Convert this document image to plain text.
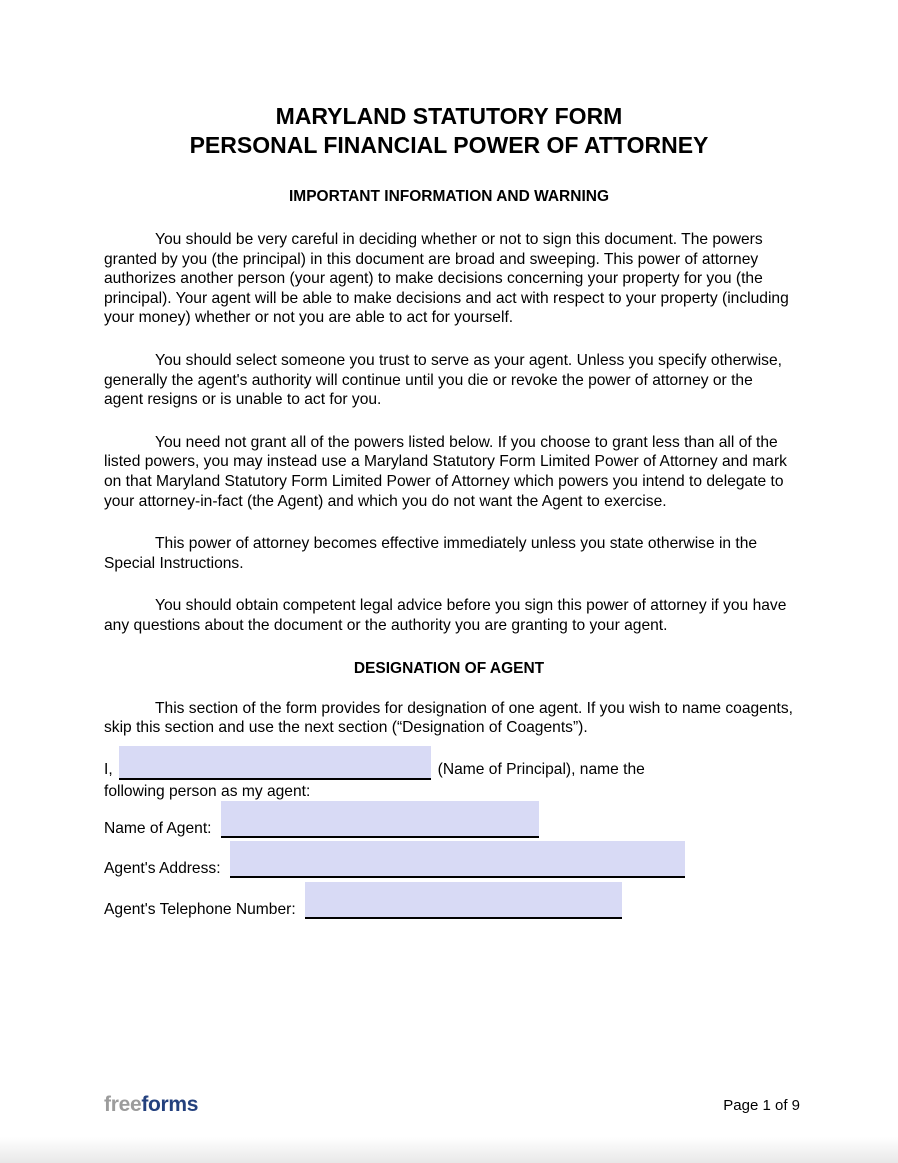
MARYLAND STATUTORY FORM
PERSONAL FINANCIAL POWER OF ATTORNEY
IMPORTANT INFORMATION AND WARNING

You should be very careful in deciding whether or not to sign this document. The powers granted by you (the principal) in this document are broad and sweeping. This power of attorney authorizes another person (your agent) to make decisions concerning your property for you (the principal). Your agent will be able to make decisions and act with respect to your property (including your money) whether or not you are able to act for yourself.

You should select someone you trust to serve as your agent. Unless you specify otherwise, generally the agent's authority will continue until you die or revoke the power of attorney or the agent resigns or is unable to act for you.

You need not grant all of the powers listed below. If you choose to grant less than all of the listed powers, you may instead use a Maryland Statutory Form Limited Power of Attorney and mark on that Maryland Statutory Form Limited Power of Attorney which powers you intend to delegate to your attorney-in-fact (the Agent) and which you do not want the Agent to exercise.

This power of attorney becomes effective immediately unless you state otherwise in the Special Instructions.

You should obtain competent legal advice before you sign this power of attorney if you have any questions about the document or the authority you are granting to your agent.

DESIGNATION OF AGENT

This section of the form provides for designation of one agent. If you wish to name coagents, skip this section and use the next section (“Designation of Coagents”).

I,	(Name of Principal), name the

following person as my agent:

Name of Agent:
Agent's Address:
Agent's Telephone Number:
freeforms	Page 1 of 9
